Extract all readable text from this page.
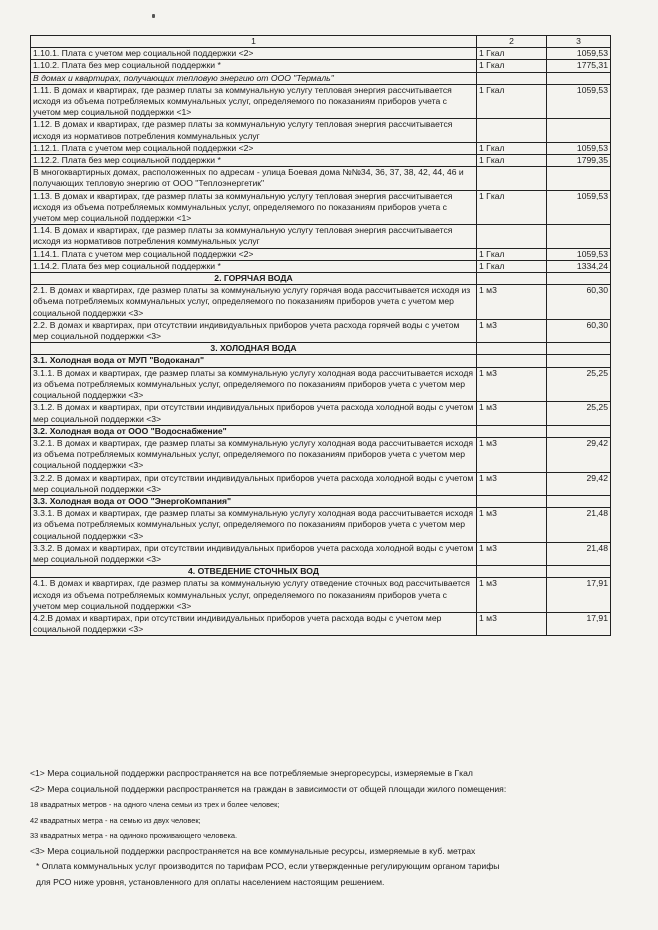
1	2	3
1.10.1. Плата с учетом мер социальной поддержки <2>	1 Гкал	1059,53
1.10.2. Плата без мер социальной поддержки *	1 Гкал	1775,31
В домах и квартирах, получающих тепловую энергию от ООО "Термаль"		
1.11. В домах и квартирах, где размер платы за коммунальную услугу тепловая энергия рассчитывается исходя из объема потребляемых коммунальных услуг, определяемого по показаниям приборов учета с учетом мер социальной поддержки <1>	1 Гкал	1059,53
1.12. В домах и квартирах, где размер платы за коммунальную услугу тепловая энергия рассчитывается исходя из нормативов потребления коммунальных услуг		
1.12.1. Плата с учетом мер социальной поддержки <2>	1 Гкал	1059,53
1.12.2. Плата без мер социальной поддержки *	1 Гкал	1799,35
В многоквартирных домах, расположенных по адресам - улица Боевая дома №№34, 36, 37, 38, 42, 44, 46 и получающих тепловую энергию от ООО "Теплоэнергетик"		
1.13. В домах и квартирах, где размер платы за коммунальную услугу тепловая энергия рассчитывается исходя из объема потребляемых коммунальных услуг, определяемого по показаниям приборов учета с учетом мер социальной поддержки <1>	1 Гкал	1059,53
1.14. В домах и квартирах, где размер платы за коммунальную услугу тепловая энергия рассчитывается исходя из нормативов потребления коммунальных услуг		
1.14.1. Плата с учетом мер социальной поддержки <2>	1 Гкал	1059,53
1.14.2. Плата без мер социальной поддержки *	1 Гкал	1334,24
2. ГОРЯЧАЯ ВОДА		
2.1. В домах и квартирах, где размер платы за коммунальную услугу горячая вода рассчитывается исходя из объема потребляемых коммунальных услуг, определяемого по показаниям приборов учета с учетом мер социальной поддержки <3>	1 м3	60,30
2.2. В домах и квартирах, при отсутствии индивидуальных приборов учета расхода горячей воды с учетом мер социальной поддержки <3>	1 м3	60,30
3. ХОЛОДНАЯ ВОДА		
3.1. Холодная вода от МУП "Водоканал"		
3.1.1. В домах и квартирах, где размер платы за коммунальную услугу холодная вода рассчитывается исходя из объема потребляемых коммунальных услуг, определяемого по показаниям приборов учета с учетом мер социальной поддержки <3>	1 м3	25,25
3.1.2. В домах и квартирах, при отсутствии индивидуальных приборов учета расхода холодной воды с учетом мер социальной поддержки <3>	1 м3	25,25
3.2. Холодная вода от ООО "Водоснабжение"		
3.2.1. В домах и квартирах, где размер платы за коммунальную услугу холодная вода рассчитывается исходя из объема потребляемых коммунальных услуг, определяемого по показаниям приборов учета с учетом мер социальной поддержки <3>	1 м3	29,42
3.2.2. В домах и квартирах, при отсутствии индивидуальных приборов учета расхода холодной воды с учетом мер социальной поддержки <3>	1 м3	29,42
3.3. Холодная вода от ООО "ЭнергоКомпания"		
3.3.1. В домах и квартирах, где размер платы за коммунальную услугу холодная вода рассчитывается исходя из объема потребляемых коммунальных услуг, определяемого по показаниям приборов учета с учетом мер социальной поддержки <3>	1 м3	21,48
3.3.2. В домах и квартирах, при отсутствии индивидуальных приборов учета расхода холодной воды с учетом мер социальной поддержки <3>	1 м3	21,48
4. ОТВЕДЕНИЕ СТОЧНЫХ ВОД		
4.1. В домах и квартирах, где размер платы за коммунальную услугу отведение сточных вод рассчитывается исходя из объема потребляемых коммунальных услуг, определяемого по показаниям приборов учета с учетом мер социальной поддержки <3>	1 м3	17,91
4.2.В домах и квартирах, при отсутствии индивидуальных приборов учета расхода воды с учетом мер социальной поддержки <3>	1 м3	17,91
<1> Мера социальной поддержки распространяется на все потребляемые энергоресурсы, измеряемые в Гкал
<2> Мера социальной поддержки распространяется на граждан в зависимости от общей площади жилого помещения:
18 квадратных метров - на одного члена семьи из трех и более человек;
42 квадратных метра - на семью из двух человек;
33 квадратных метра - на одиноко проживающего человека.
<3> Мера социальной поддержки распространяется на все коммунальные ресурсы, измеряемые в куб. метрах
* Оплата коммунальных услуг производится по тарифам РСО, если утвержденные регулирующим органом тарифы
для РСО ниже уровня, установленного для оплаты населением настоящим решением.
